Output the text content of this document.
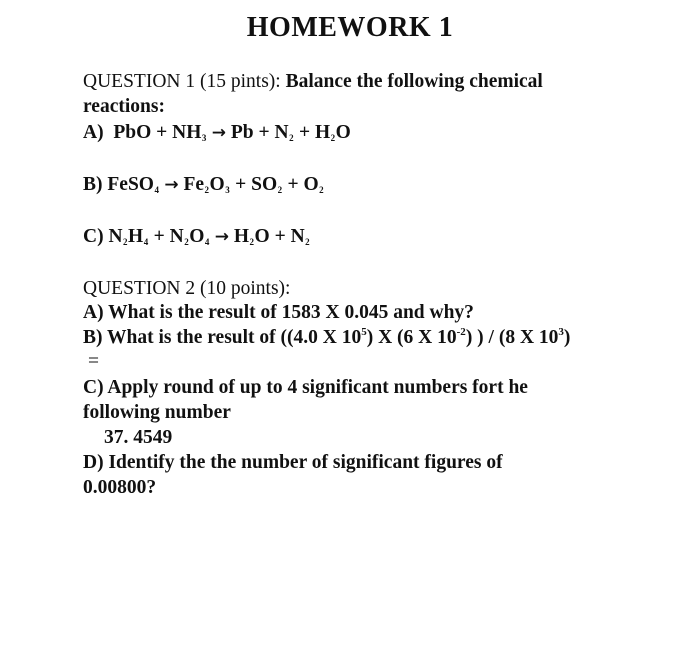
HOMEWORK 1
QUESTION 1 (15 pints): Balance the following chemical
reactions:
A) PbO + NH3 → Pb + N2 + H2O
B) FeSO4 → Fe2O3 + SO2 + O2
C) N2H4 + N2O4 → H2O + N2
QUESTION 2 (10 points):
A) What is the result of 1583 X 0.045 and why?
B) What is the result of ((4.0 X $10^5$) X (6 X $10^{-2}$) ) / (8 X $10^3$)
=
C) Apply round of up to 4 significant numbers fort he
following number
37. 4549
D) Identify the the number of significant figures of
0.00800?
